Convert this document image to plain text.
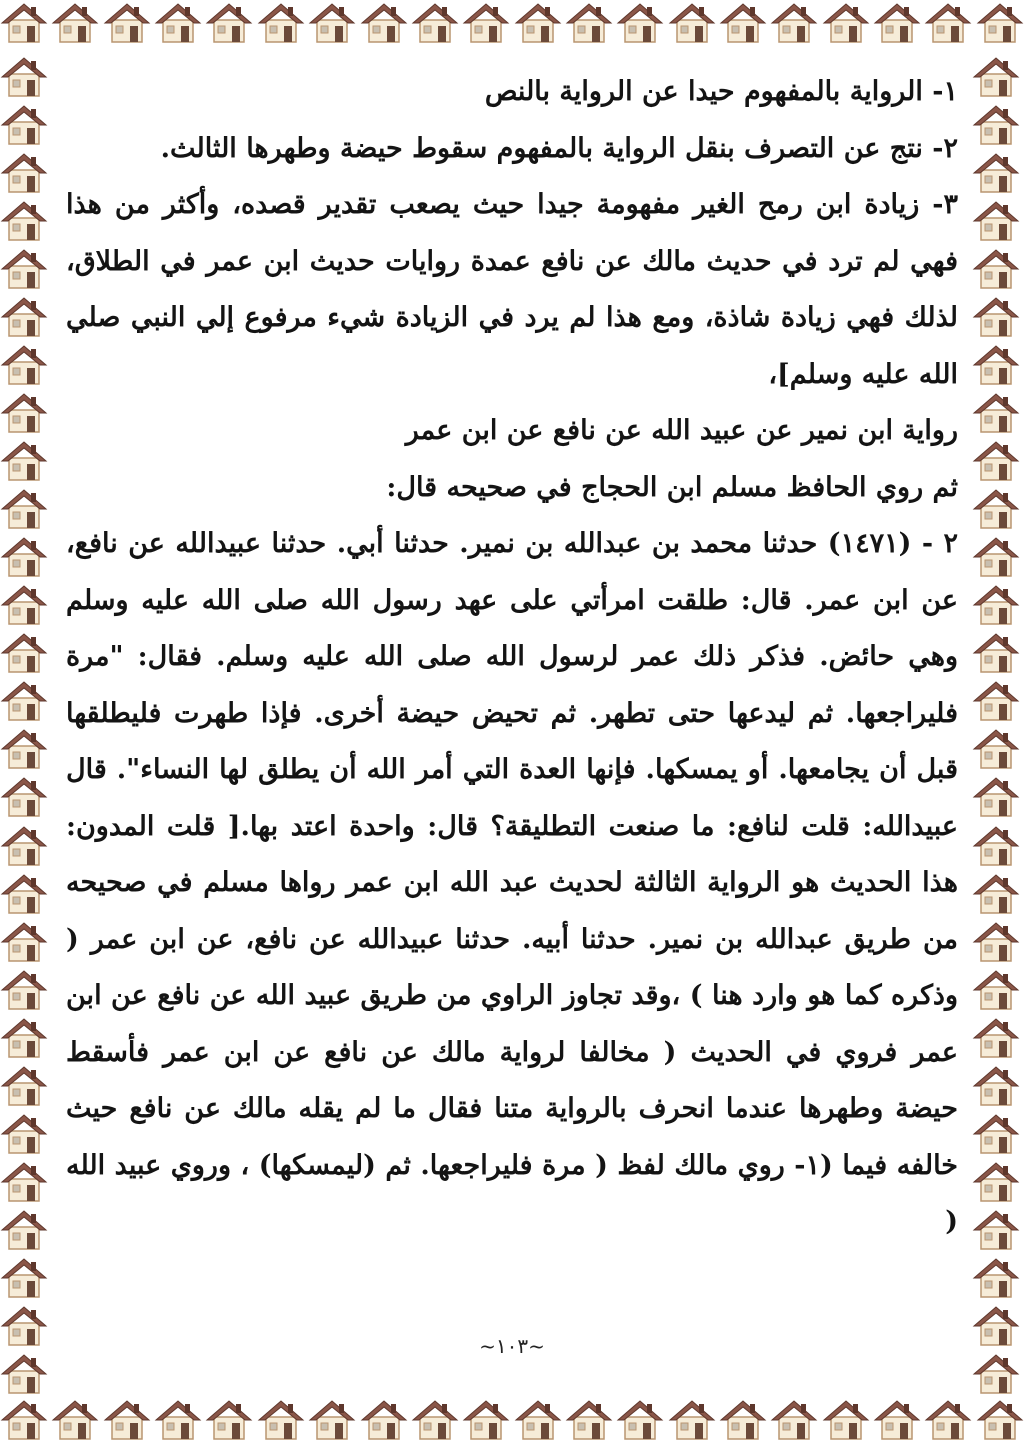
١- الرواية بالمفهوم حيدا عن الرواية بالنص

٢- نتج عن التصرف بنقل الرواية بالمفهوم سقوط حيضة وطهرها الثالث.

٣- زيادة ابن رمح الغير مفهومة جيدا حيث يصعب تقدير قصده، وأكثر من هذا فهي لم ترد في حديث مالك عن نافع عمدة روايات حديث ابن عمر في الطلاق، لذلك فهي زيادة شاذة، ومع هذا لم يرد في الزيادة شيء مرفوع إلي النبي صلي الله عليه وسلم]،

رواية ابن نمير عن عبيد الله عن نافع عن ابن عمر

ثم روي الحافظ مسلم ابن الحجاج في صحيحه قال:

٢ - (١٤٧١) حدثنا محمد بن عبدالله بن نمير. حدثنا أبي. حدثنا عبيدالله عن نافع، عن ابن عمر. قال: طلقت امرأتي على عهد رسول الله صلى الله عليه وسلم وهي حائض. فذكر ذلك عمر لرسول الله صلى الله عليه وسلم. فقال: "مرة فليراجعها. ثم ليدعها حتى تطهر. ثم تحيض حيضة أخرى. فإذا طهرت فليطلقها قبل أن يجامعها. أو يمسكها. فإنها العدة التي أمر الله أن يطلق لها النساء". قال عبيدالله: قلت لنافع: ما صنعت التطليقة؟ قال: واحدة اعتد بها.[ قلت المدون: هذا الحديث هو الرواية الثالثة لحديث عبد الله ابن عمر رواها مسلم في صحيحه من طريق عبدالله بن نمير. حدثنا أبيه. حدثنا عبيدالله عن نافع، عن ابن عمر ( وذكره كما هو وارد هنا ) ،وقد تجاوز الراوي من طريق عبيد الله عن نافع عن ابن عمر فروي في الحديث ( مخالفا لرواية مالك عن نافع عن ابن عمر فأسقط حيضة وطهرها عندما انحرف بالرواية متنا فقال ما لم يقله مالك عن نافع حيث خالفه فيما (١- روي مالك لفظ ( مرة فليراجعها. ثم (ليمسكها) ، وروي عبيد الله (

~١٠٣~
